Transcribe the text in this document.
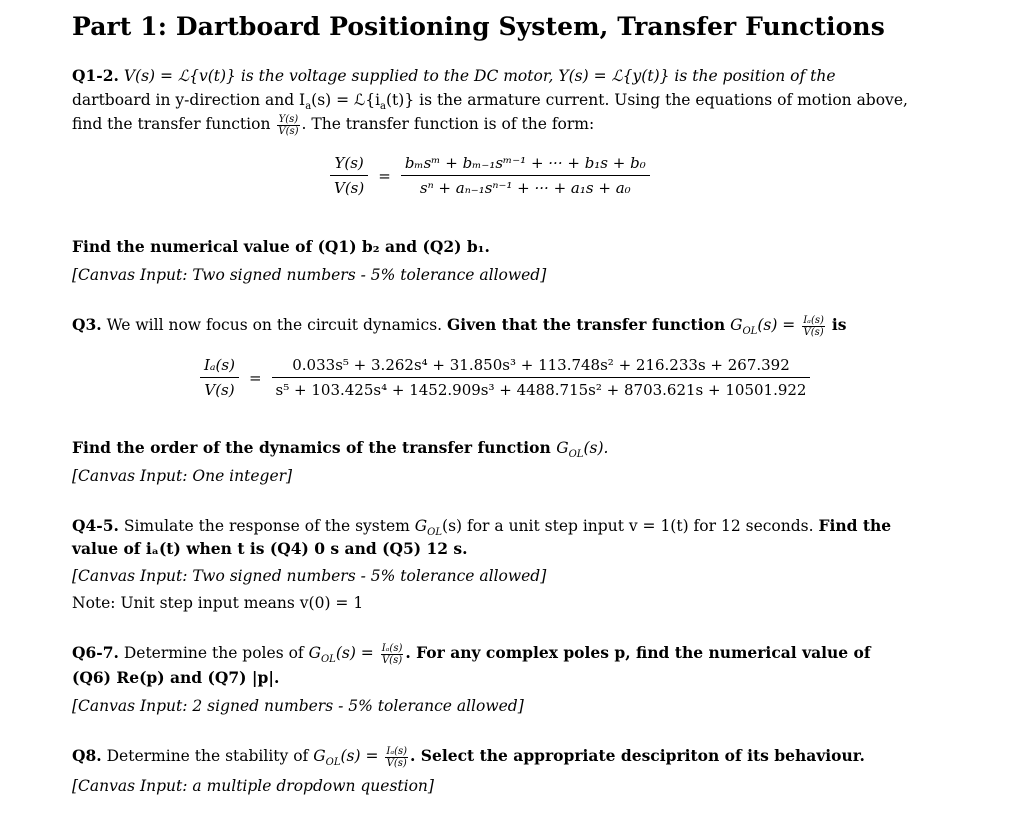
Part 1: Dartboard Positioning System, Transfer Functions

Q1-2. V(s) = ℒ{v(t)} is the voltage supplied to the DC motor, Y(s) = ℒ{y(t)} is the position of the

dartboard in y-direction and $I_a(s)$ = $ℒ\{i_a(t)\}$ is the armature current. Using the equations of motion above,

find the transfer function $\frac{Y(s)}{V(s)}$ . The transfer function is of the form:

$\frac{Y(s)}{V(s)}$ =
bₘsᵐ + bₘ₋₁sᵐ⁻¹ + ··· + b₁s + b₀
sⁿ + aₙ₋₁sⁿ⁻¹ + ··· + a₁s + a₀

Find the numerical value of (Q1) b₂ and (Q2) b₁.

[Canvas Input: Two signed numbers - 5% tolerance allowed]

Q3. We will now focus on the circuit dynamics. Given that the transfer function $G_{OL}(s) = \frac{\text{Iₐ(s)}}{V(s)}$ is

$\frac{\text{Iₐ(s)}}{V(s)}$ =
0.033s⁵ + 3.262s⁴ + 31.850s³ + 113.748s² + 216.233s + 267.392
s⁵ + 103.425s⁴ + 1452.909s³ + 4488.715s² + 8703.621s + 10501.922

Find the order of the dynamics of the transfer function $G_{OL}(s)$.

[Canvas Input: One integer]

Q4-5. Simulate the response of the system $G_{OL}(s)$ for a unit step input v = 1(t) for 12 seconds. Find the

value of iₐ(t) when t is (Q4) 0 s and (Q5) 12 s.

[Canvas Input: Two signed numbers - 5% tolerance allowed]

Note: Unit step input means v(0) = 1

Q6-7. Determine the poles of $G_{OL}(s) = \frac{\text{Iₐ(s)}}{V(s)}$ . For any complex poles p, find the numerical value of

(Q6) Re(p) and (Q7) |p|.

[Canvas Input: 2 signed numbers - 5% tolerance allowed]

Q8. Determine the stability of $G_{OL}(s) = \frac{\text{Iₐ(s)}}{V(s)}$ . Select the appropriate descipriton of its behaviour.

[Canvas Input: a multiple dropdown question]
